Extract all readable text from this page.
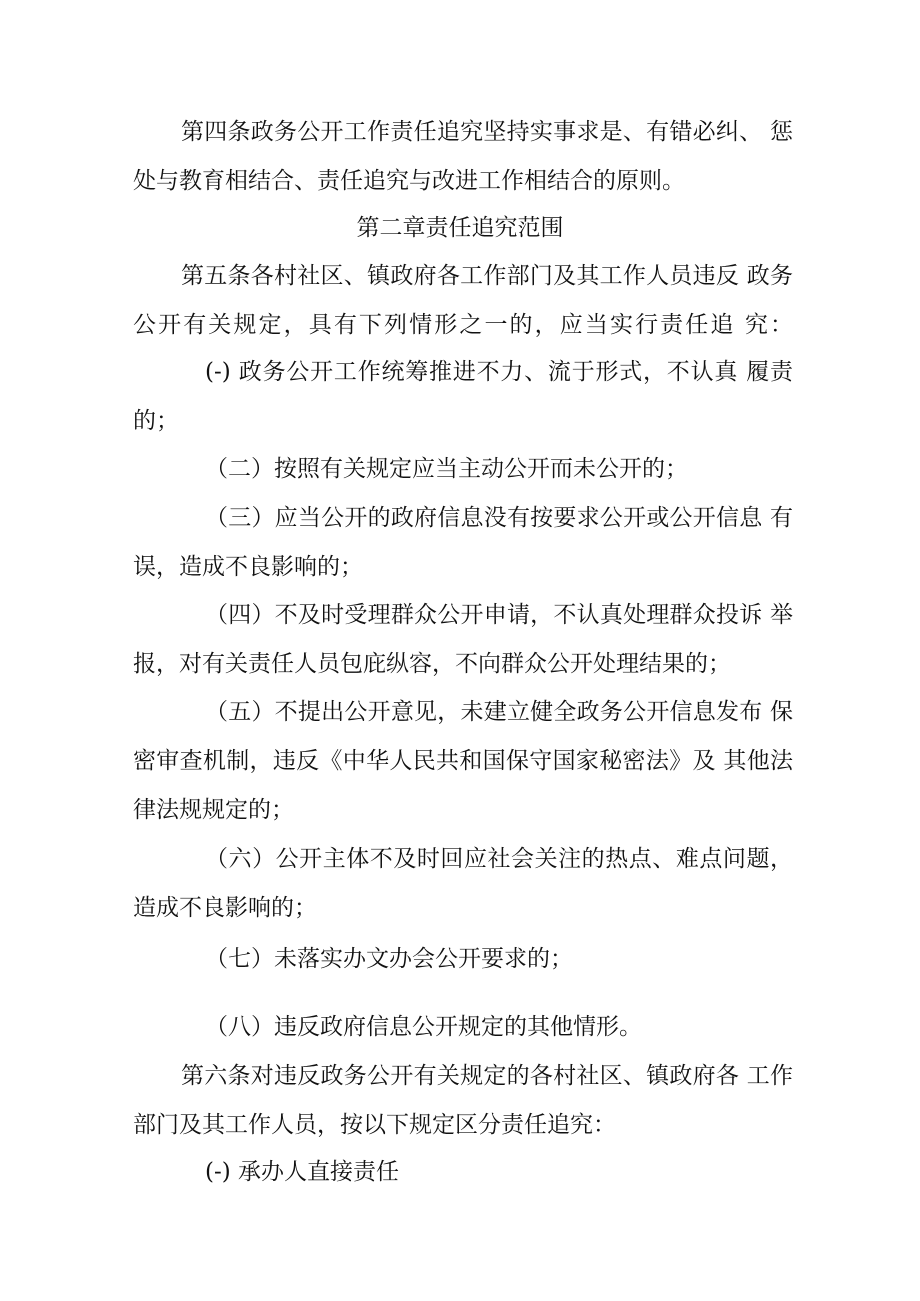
第四条政务公开工作责任追究坚持实事求是、有错必纠、 惩
处与教育相结合、责任追究与改进工作相结合的原则。
第二章责任追究范围
第五条各村社区、镇政府各工作部门及其工作人员违反 政务
公开有关规定，具有下列情形之一的，应当实行责任追 究：
(-) 政务公开工作统筹推进不力、流于形式，不认真 履责
的；
（二）按照有关规定应当主动公开而未公开的；
（三）应当公开的政府信息没有按要求公开或公开信息 有
误，造成不良影响的；
（四）不及时受理群众公开申请，不认真处理群众投诉 举
报，对有关责任人员包庇纵容，不向群众公开处理结果的；
（五）不提出公开意见，未建立健全政务公开信息发布 保
密审查机制，违反《中华人民共和国保守国家秘密法》及 其他法
律法规规定的；
（六）公开主体不及时回应社会关注的热点、难点问题，
造成不良影响的；
（七）未落实办文办会公开要求的；
（八）违反政府信息公开规定的其他情形。
第六条对违反政务公开有关规定的各村社区、镇政府各 工作
部门及其工作人员，按以下规定区分责任追究：
(-) 承办人直接责任
